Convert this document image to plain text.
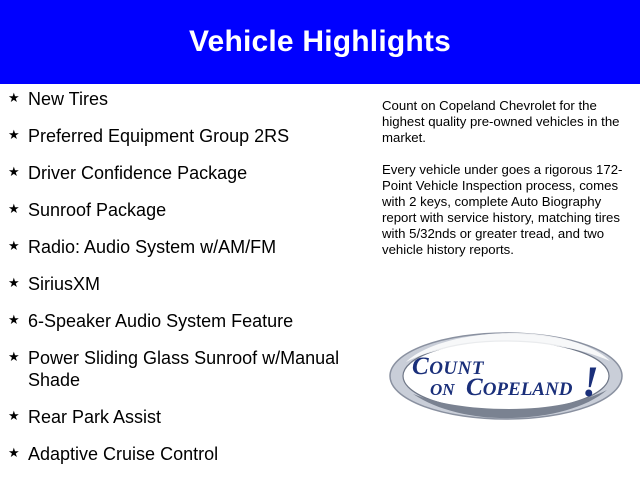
Vehicle Highlights
★ New Tires
★ Preferred Equipment Group 2RS
★ Driver Confidence Package
★ Sunroof Package
★ Radio: Audio System w/AM/FM
★ SiriusXM
★ 6-Speaker Audio System Feature
★ Power Sliding Glass Sunroof w/Manual Shade
★ Rear Park Assist
★ Adaptive Cruise Control

Count on Copeland Chevrolet for the highest quality pre-owned vehicles in the market.

Every vehicle under goes a rigorous 172-Point Vehicle Inspection process, comes with 2 keys, complete Auto Biography report with service history, matching tires with 5/32nds or greater tread, and two vehicle history reports.

COUNT
ON COPELAND !
